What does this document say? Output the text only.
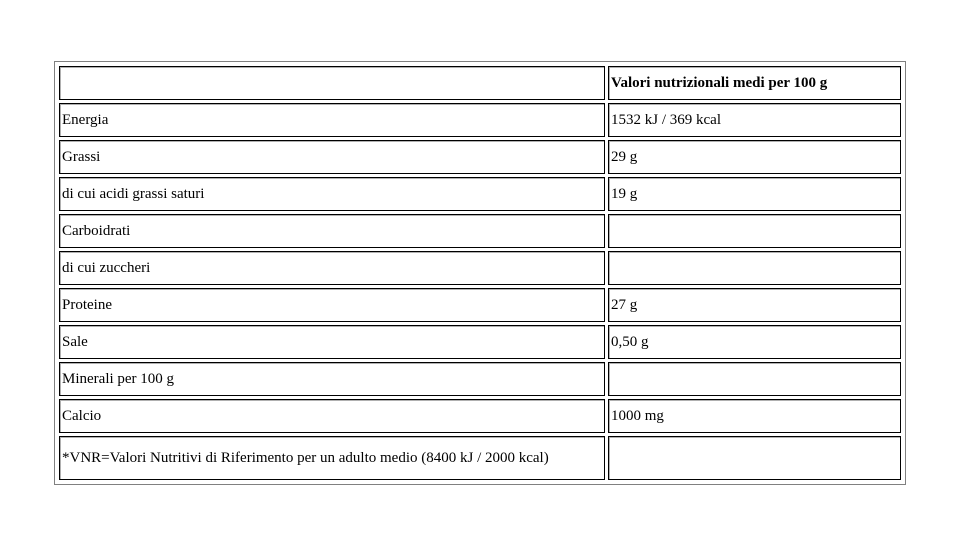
	Valori nutrizionali medi per 100 g
Energia	1532 kJ / 369 kcal
Grassi	29 g
di cui acidi grassi saturi	19 g
Carboidrati	
di cui zuccheri	
Proteine	27 g
Sale	0,50 g
Minerali per 100 g	
Calcio	1000 mg
*VNR=Valori Nutritivi di Riferimento per un adulto medio (8400 kJ / 2000 kcal)	
